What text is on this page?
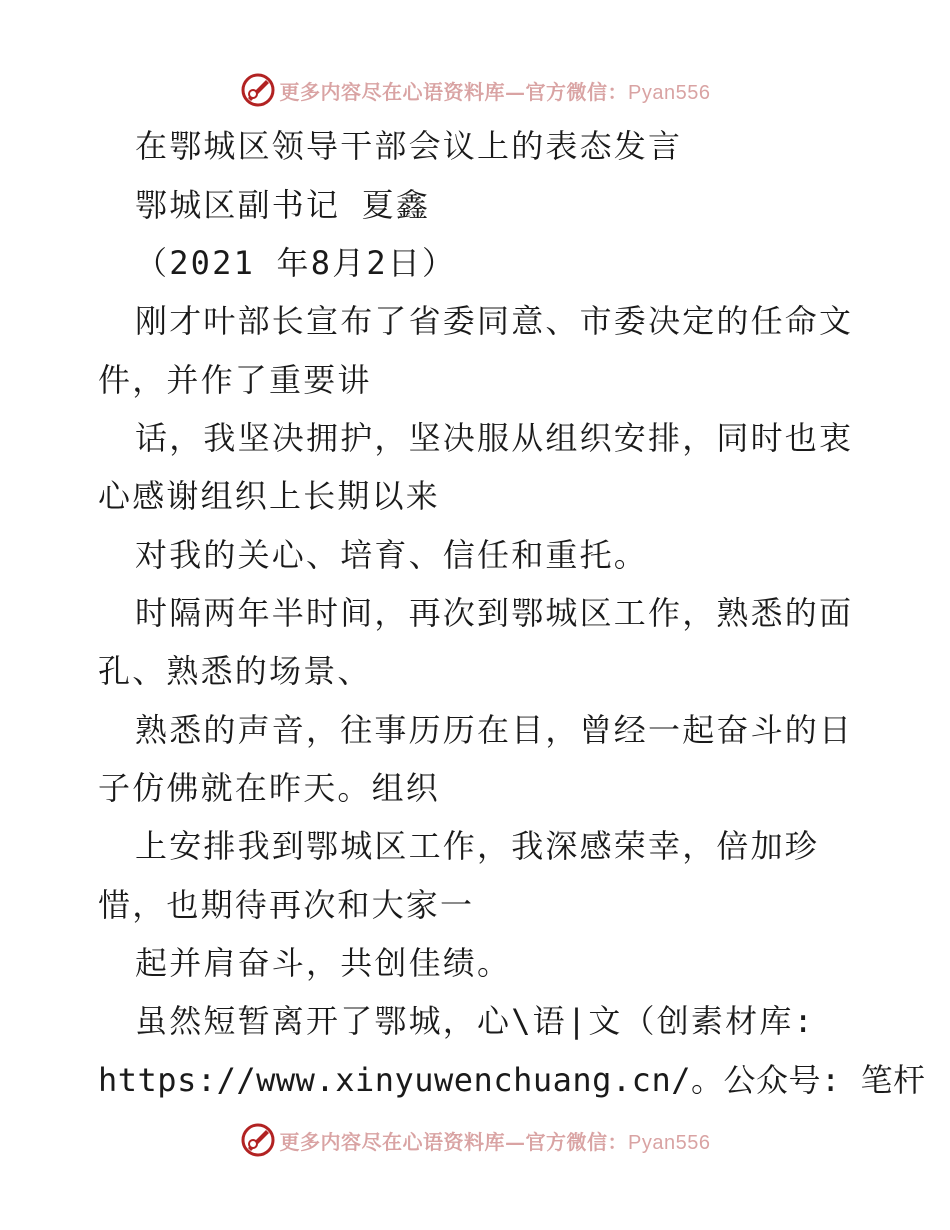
更多内容尽在心语资料库—官方微信：Pyan556
在鄂城区领导干部会议上的表态发言
鄂城区副书记 夏鑫
（2021 年8月2日）
刚才叶部长宣布了省委同意、市委决定的任命文
件，并作了重要讲
话，我坚决拥护，坚决服从组织安排，同时也衷
心感谢组织上长期以来
对我的关心、培育、信任和重托。
时隔两年半时间，再次到鄂城区工作，熟悉的面
孔、熟悉的场景、
熟悉的声音，往事历历在目，曾经一起奋斗的日
子仿佛就在昨天。组织
上安排我到鄂城区工作，我深感荣幸，倍加珍
惜，也期待再次和大家一
起并肩奋斗，共创佳绩。
虽然短暂离开了鄂城，心\语|文（创素材库:
https://www.xinyuwenchuang.cn/。公众号: 笔杆
更多内容尽在心语资料库—官方微信：Pyan556
